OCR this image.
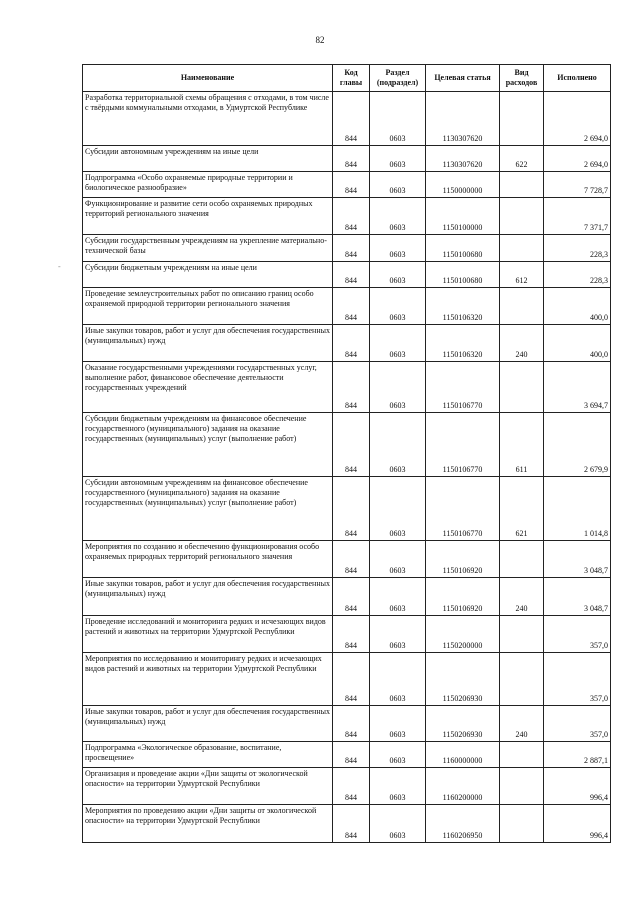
82
-
Наименование	Код главы	Раздел (подраздел)	Целевая статья	Вид расходов	Исполнено
Разработка территориальной схемы обращения с отходами, в том числе с твёрдыми коммунальными отходами, в Удмуртской Республике	844	0603	1130307620		2 694,0
Субсидии автономным учреждениям на иные цели	844	0603	1130307620	622	2 694,0
Подпрограмма «Особо охраняемые природные территории и биологическое разнообразие»	844	0603	1150000000		7 728,7
Функционирование и развитие сети особо охраняемых природных территорий регионального значения	844	0603	1150100000		7 371,7
Субсидии государственным учреждениям на укрепление материально-технической базы	844	0603	1150100680		228,3
Субсидии бюджетным учреждениям на иные цели	844	0603	1150100680	612	228,3
Проведение землеустроительных работ по описанию границ особо охраняемой природной территории регионального значения	844	0603	1150106320		400,0
Иные закупки товаров, работ и услуг для обеспечения государственных (муниципальных) нужд	844	0603	1150106320	240	400,0
Оказание государственными учреждениями государственных услуг, выполнение работ, финансовое обеспечение деятельности государственных учреждений	844	0603	1150106770		3 694,7
Субсидии бюджетным учреждениям на финансовое обеспечение государственного (муниципального) задания на оказание государственных (муниципальных) услуг (выполнение работ)	844	0603	1150106770	611	2 679,9
Субсидии автономным учреждениям на финансовое обеспечение государственного (муниципального) задания на оказание государственных (муниципальных) услуг (выполнение работ)	844	0603	1150106770	621	1 014,8
Мероприятия по созданию и обеспечению функционирования особо охраняемых природных территорий регионального значения	844	0603	1150106920		3 048,7
Иные закупки товаров, работ и услуг для обеспечения государственных (муниципальных) нужд	844	0603	1150106920	240	3 048,7
Проведение исследований и мониторинга редких и исчезающих видов растений и животных на территории Удмуртской Республики	844	0603	1150200000		357,0
Мероприятия по исследованию и мониторингу редких и исчезающих видов растений и животных на территории Удмуртской Республики	844	0603	1150206930		357,0
Иные закупки товаров, работ и услуг для обеспечения государственных (муниципальных) нужд	844	0603	1150206930	240	357,0
Подпрограмма «Экологическое образование, воспитание, просвещение»	844	0603	1160000000		2 887,1
Организация и проведение акции «Дни защиты от экологической опасности» на территории Удмуртской Республики	844	0603	1160200000		996,4
Мероприятия по проведению акции «Дни защиты от экологической опасности» на территории Удмуртской Республики	844	0603	1160206950		996,4
